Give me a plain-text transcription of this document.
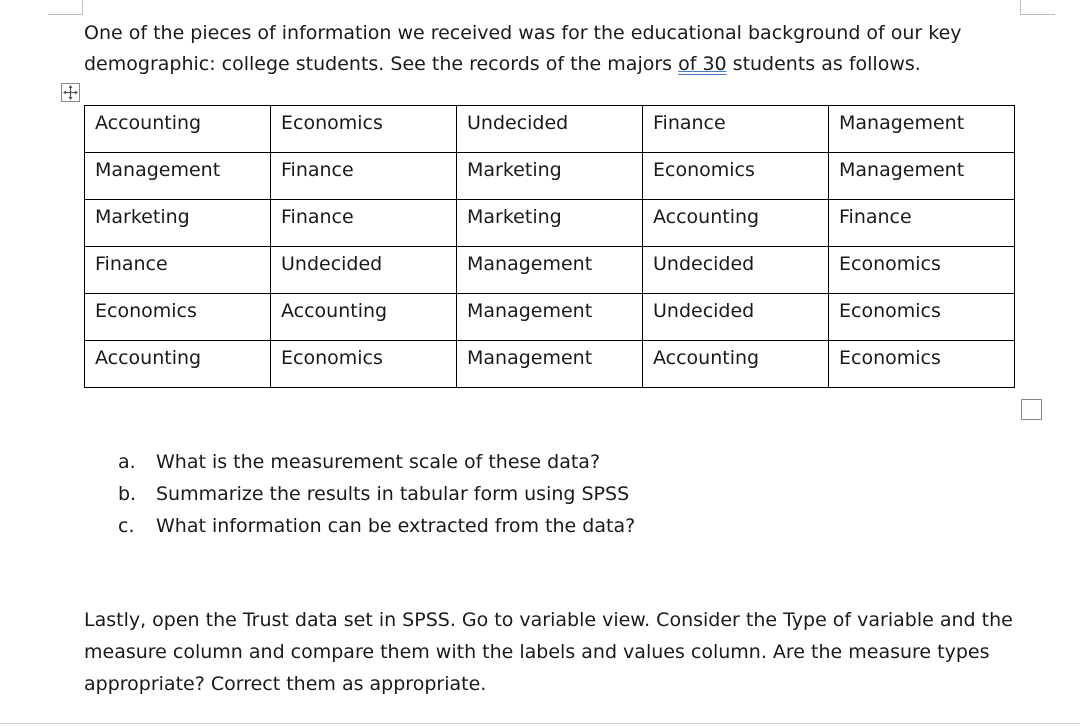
One of the pieces of information we received was for the educational background of our key demographic: college students. See the records of the majors of 30 students as follows.

Accounting	Economics	Undecided	Finance	Management
Management	Finance	Marketing	Economics	Management
Marketing	Finance	Marketing	Accounting	Finance
Finance	Undecided	Management	Undecided	Economics
Economics	Accounting	Management	Undecided	Economics
Accounting	Economics	Management	Accounting	Economics
a.	What is the measurement scale of these data?
b.	Summarize the results in tabular form using SPSS
c.	What information can be extracted from the data?

Lastly, open the Trust data set in SPSS. Go to variable view. Consider the Type of variable and the measure column and compare them with the labels and values column. Are the measure types appropriate? Correct them as appropriate.
